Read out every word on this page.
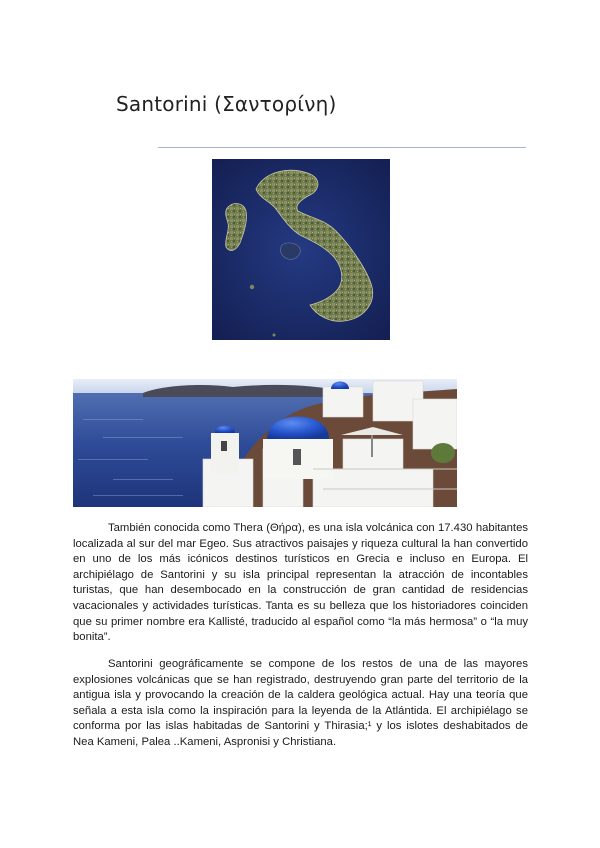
Santorini (Σαντορίνη)

También conocida como Thera (Θήρα), es una isla volcánica con 17.430 habitantes localizada al sur del mar Egeo. Sus atractivos paisajes y riqueza cultural la han convertido en uno de los más icónicos destinos turísticos en Grecia e incluso en Europa. El archipiélago de Santorini y su isla principal representan la atracción de incontables turistas, que han desembocado en la construcción de gran cantidad de residencias vacacionales y actividades turísticas. Tanta es su belleza que los historiadores coinciden que su primer nombre era Kallisté, traducido al español como “la más hermosa” o “la muy bonita”.

Santorini geográficamente se compone de los restos de una de las mayores explosiones volcánicas que se han registrado, destruyendo gran parte del territorio de la antigua isla y provocando la creación de la caldera geológica actual. Hay una teoría que señala a esta isla como la inspiración para la leyenda de la Atlántida. El archipiélago se conforma por las islas habitadas de Santorini y Thirasia;¹ y los islotes deshabitados de Nea Kameni, Palea ..Kameni, Aspronisi y Christiana.
